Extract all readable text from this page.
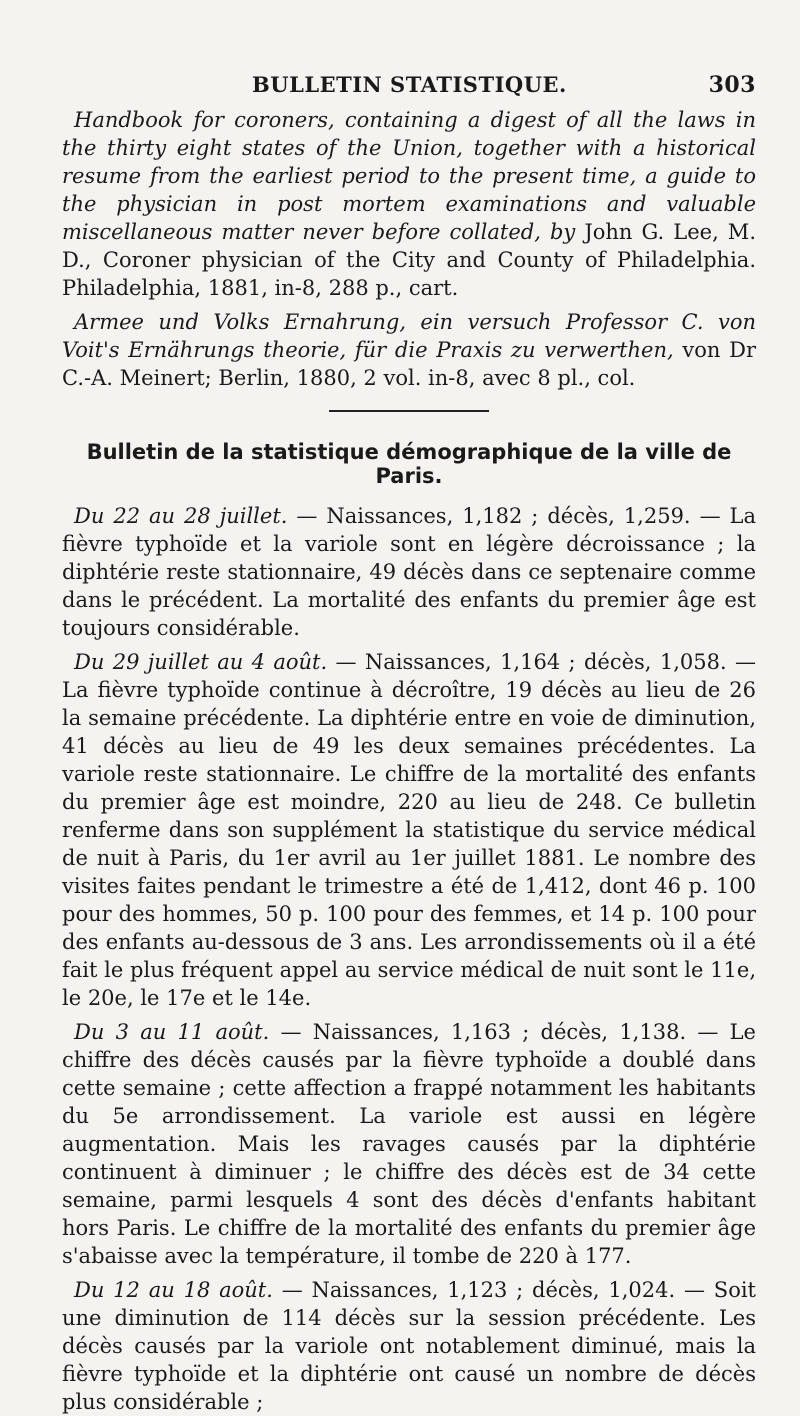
BULLETIN STATISTIQUE.	303

Handbook for coroners, containing a digest of all the laws in the thirty eight states of the Union, together with a historical resume from the earliest period to the present time, a guide to the physician in post mortem examinations and valuable miscellaneous matter never before collated, by John G. Lee, M. D., Coroner physician of the City and County of Philadelphia. Philadelphia, 1881, in-8, 288 p., cart.

Armee und Volks Ernahrung, ein versuch Professor C. von Voit's Ernährungs theorie, für die Praxis zu verwerthen, von Dr C.-A. Meinert; Berlin, 1880, 2 vol. in-8, avec 8 pl., col.

Bulletin de la statistique démographique de la ville de Paris.

Du 22 au 28 juillet. — Naissances, 1,182 ; décès, 1,259. — La fièvre typhoïde et la variole sont en légère décroissance ; la diphtérie reste stationnaire, 49 décès dans ce septenaire comme dans le précédent. La mortalité des enfants du premier âge est toujours considérable.

Du 29 juillet au 4 août. — Naissances, 1,164 ; décès, 1,058. — La fièvre typhoïde continue à décroître, 19 décès au lieu de 26 la semaine précédente. La diphtérie entre en voie de diminution, 41 décès au lieu de 49 les deux semaines précédentes. La variole reste stationnaire. Le chiffre de la mortalité des enfants du premier âge est moindre, 220 au lieu de 248. Ce bulletin renferme dans son supplément la statistique du service médical de nuit à Paris, du 1er avril au 1er juillet 1881. Le nombre des visites faites pendant le trimestre a été de 1,412, dont 46 p. 100 pour des hommes, 50 p. 100 pour des femmes, et 14 p. 100 pour des enfants au-dessous de 3 ans. Les arrondissements où il a été fait le plus fréquent appel au service médical de nuit sont le 11e, le 20e, le 17e et le 14e.

Du 3 au 11 août. — Naissances, 1,163 ; décès, 1,138. — Le chiffre des décès causés par la fièvre typhoïde a doublé dans cette semaine ; cette affection a frappé notamment les habitants du 5e arrondissement. La variole est aussi en légère augmentation. Mais les ravages causés par la diphtérie continuent à diminuer ; le chiffre des décès est de 34 cette semaine, parmi lesquels 4 sont des décès d'enfants habitant hors Paris. Le chiffre de la mortalité des enfants du premier âge s'abaisse avec la température, il tombe de 220 à 177.

Du 12 au 18 août. — Naissances, 1,123 ; décès, 1,024. — Soit une diminution de 114 décès sur la session précédente. Les décès causés par la variole ont notablement diminué, mais la fièvre typhoïde et la diphtérie ont causé un nombre de décès plus considérable ;
